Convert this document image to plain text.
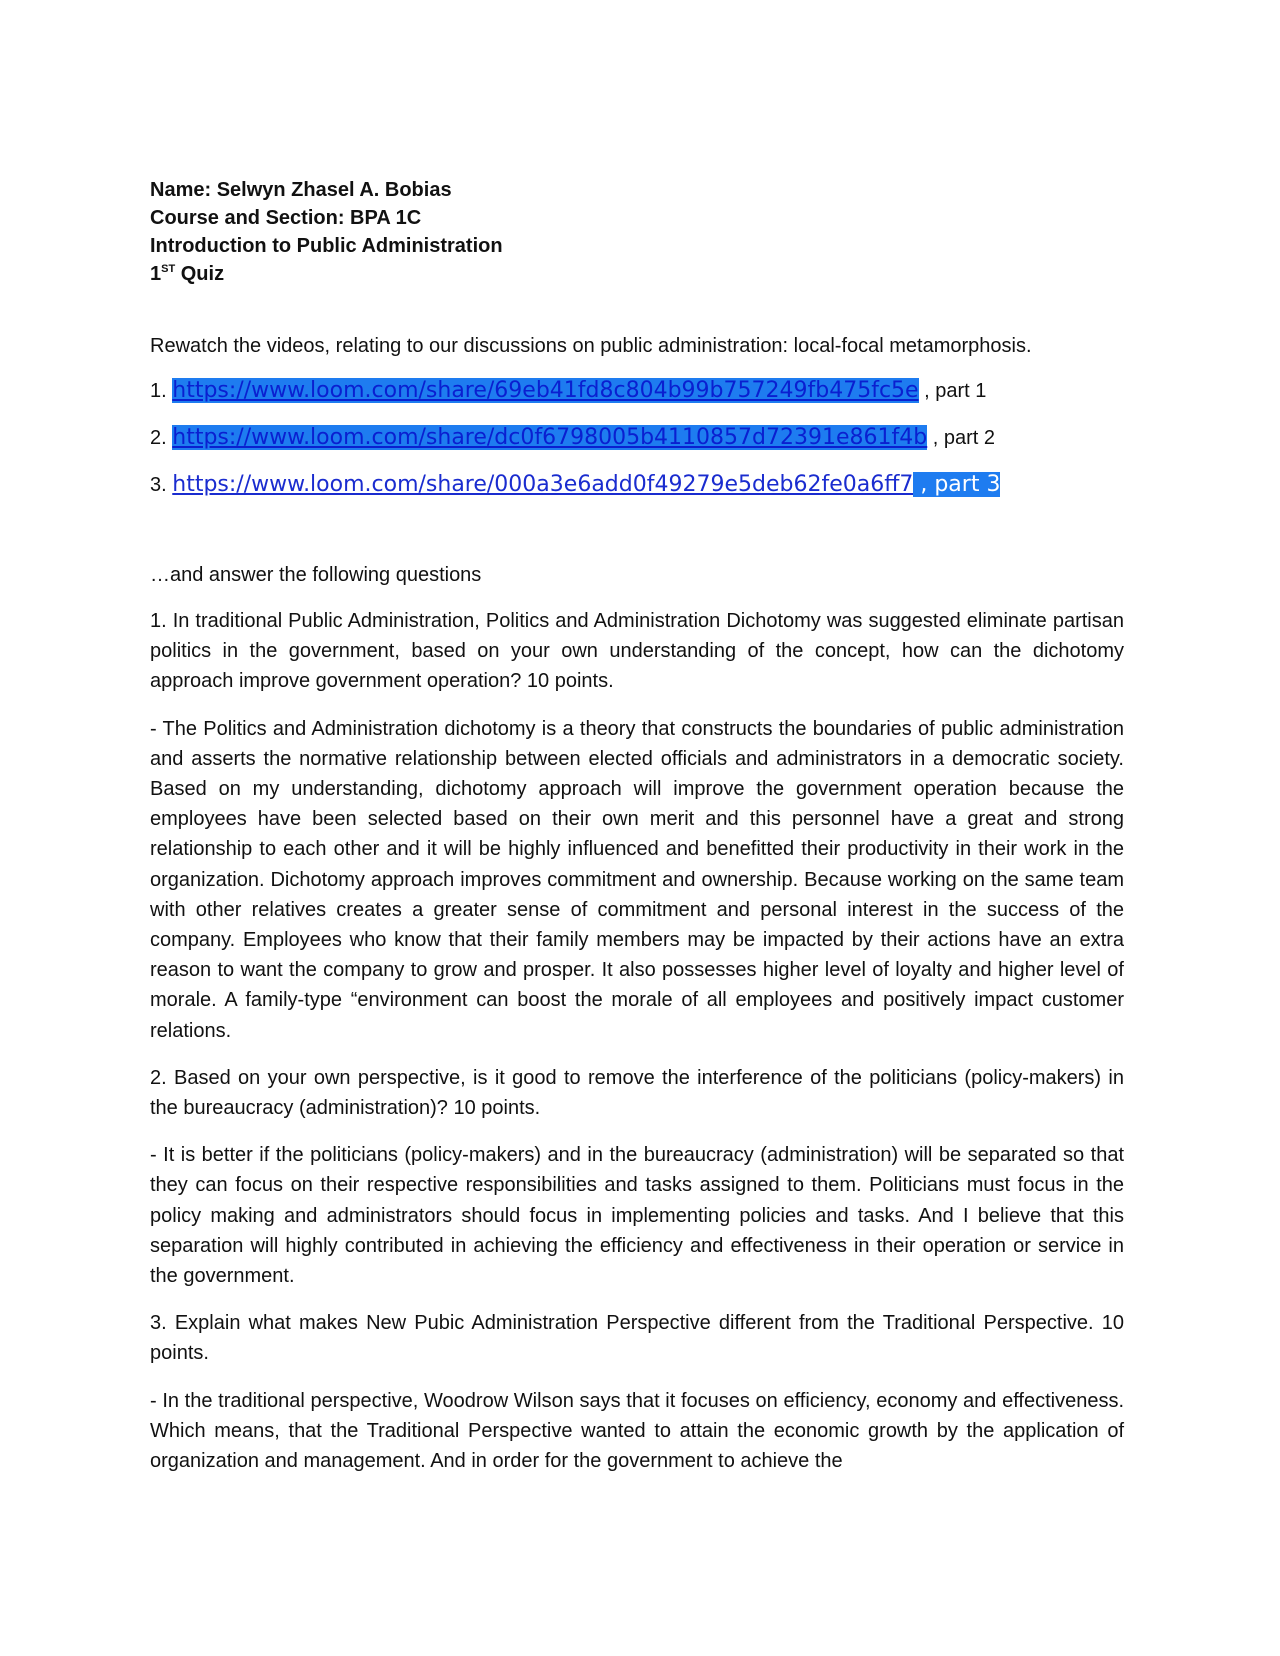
Name: Selwyn Zhasel A. Bobias
Course and Section: BPA 1C
Introduction to Public Administration
1ST Quiz
Rewatch the videos, relating to our discussions on public administration: local-focal metamorphosis.
1. https://www.loom.com/share/69eb41fd8c804b99b757249fb475fc5e , part 1
2. https://www.loom.com/share/dc0f6798005b4110857d72391e861f4b , part 2
3. https://www.loom.com/share/000a3e6add0f49279e5deb62fe0a6ff7 , part 3
…and answer the following questions
1. In traditional Public Administration, Politics and Administration Dichotomy was suggested eliminate partisan politics in the government, based on your own understanding of the concept, how can the dichotomy approach improve government operation? 10 points.
- The Politics and Administration dichotomy is a theory that constructs the boundaries of public administration and asserts the normative relationship between elected officials and administrators in a democratic society. Based on my understanding, dichotomy approach will improve the government operation because the employees have been selected based on their own merit and this personnel have a great and strong relationship to each other and it will be highly influenced and benefitted their productivity in their work in the organization. Dichotomy approach improves commitment and ownership. Because working on the same team with other relatives creates a greater sense of commitment and personal interest in the success of the company. Employees who know that their family members may be impacted by their actions have an extra reason to want the company to grow and prosper. It also possesses higher level of loyalty and higher level of morale. A family-type “environment can boost the morale of all employees and positively impact customer relations.
2. Based on your own perspective, is it good to remove the interference of the politicians (policy-makers) in the bureaucracy (administration)? 10 points.
- It is better if the politicians (policy-makers) and in the bureaucracy (administration) will be separated so that they can focus on their respective responsibilities and tasks assigned to them. Politicians must focus in the policy making and administrators should focus in implementing policies and tasks. And I believe that this separation will highly contributed in achieving the efficiency and effectiveness in their operation or service in the government.
3. Explain what makes New Pubic Administration Perspective different from the Traditional Perspective. 10 points.
- In the traditional perspective, Woodrow Wilson says that it focuses on efficiency, economy and effectiveness. Which means, that the Traditional Perspective wanted to attain the economic growth by the application of organization and management. And in order for the government to achieve the
